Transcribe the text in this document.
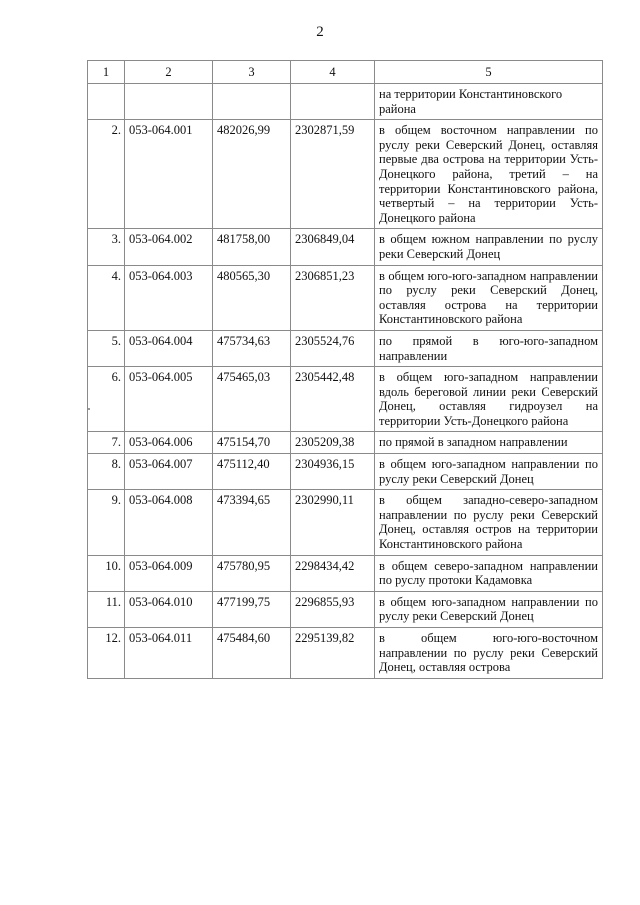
2
1	2	3	4	5
				на территории Константиновского района
2.	053-064.001	482026,99	2302871,59	в общем восточном направлении по руслу реки Северский Донец, оставляя первые два острова на территории Усть-Донецкого района, третий – на территории Константиновского района, четвертый – на территории Усть-Донецкого района
3.	053-064.002	481758,00	2306849,04	в общем южном направлении по руслу реки Северский Донец
4.	053-064.003	480565,30	2306851,23	в общем юго-юго-западном направлении по руслу реки Северский Донец, оставляя острова на территории Константиновского района
5.	053-064.004	475734,63	2305524,76	по прямой в юго-юго-западном направлении
6.	053-064.005	475465,03	2305442,48	в общем юго-западном направлении вдоль береговой линии реки Северский Донец, оставляя гидроузел на территории Усть-Донецкого района
7.	053-064.006	475154,70	2305209,38	по прямой в западном направлении
8.	053-064.007	475112,40	2304936,15	в общем юго-западном направлении по руслу реки Северский Донец
9.	053-064.008	473394,65	2302990,11	в общем западно-северо-западном направлении по руслу реки Северский Донец, оставляя остров на территории Константиновского района
10.	053-064.009	475780,95	2298434,42	в общем северо-западном направлении по руслу протоки Кадамовка
11.	053-064.010	477199,75	2296855,93	в общем юго-западном направлении по руслу реки Северский Донец
12.	053-064.011	475484,60	2295139,82	в общем юго-юго-восточном направлении по руслу реки Северский Донец, оставляя острова
